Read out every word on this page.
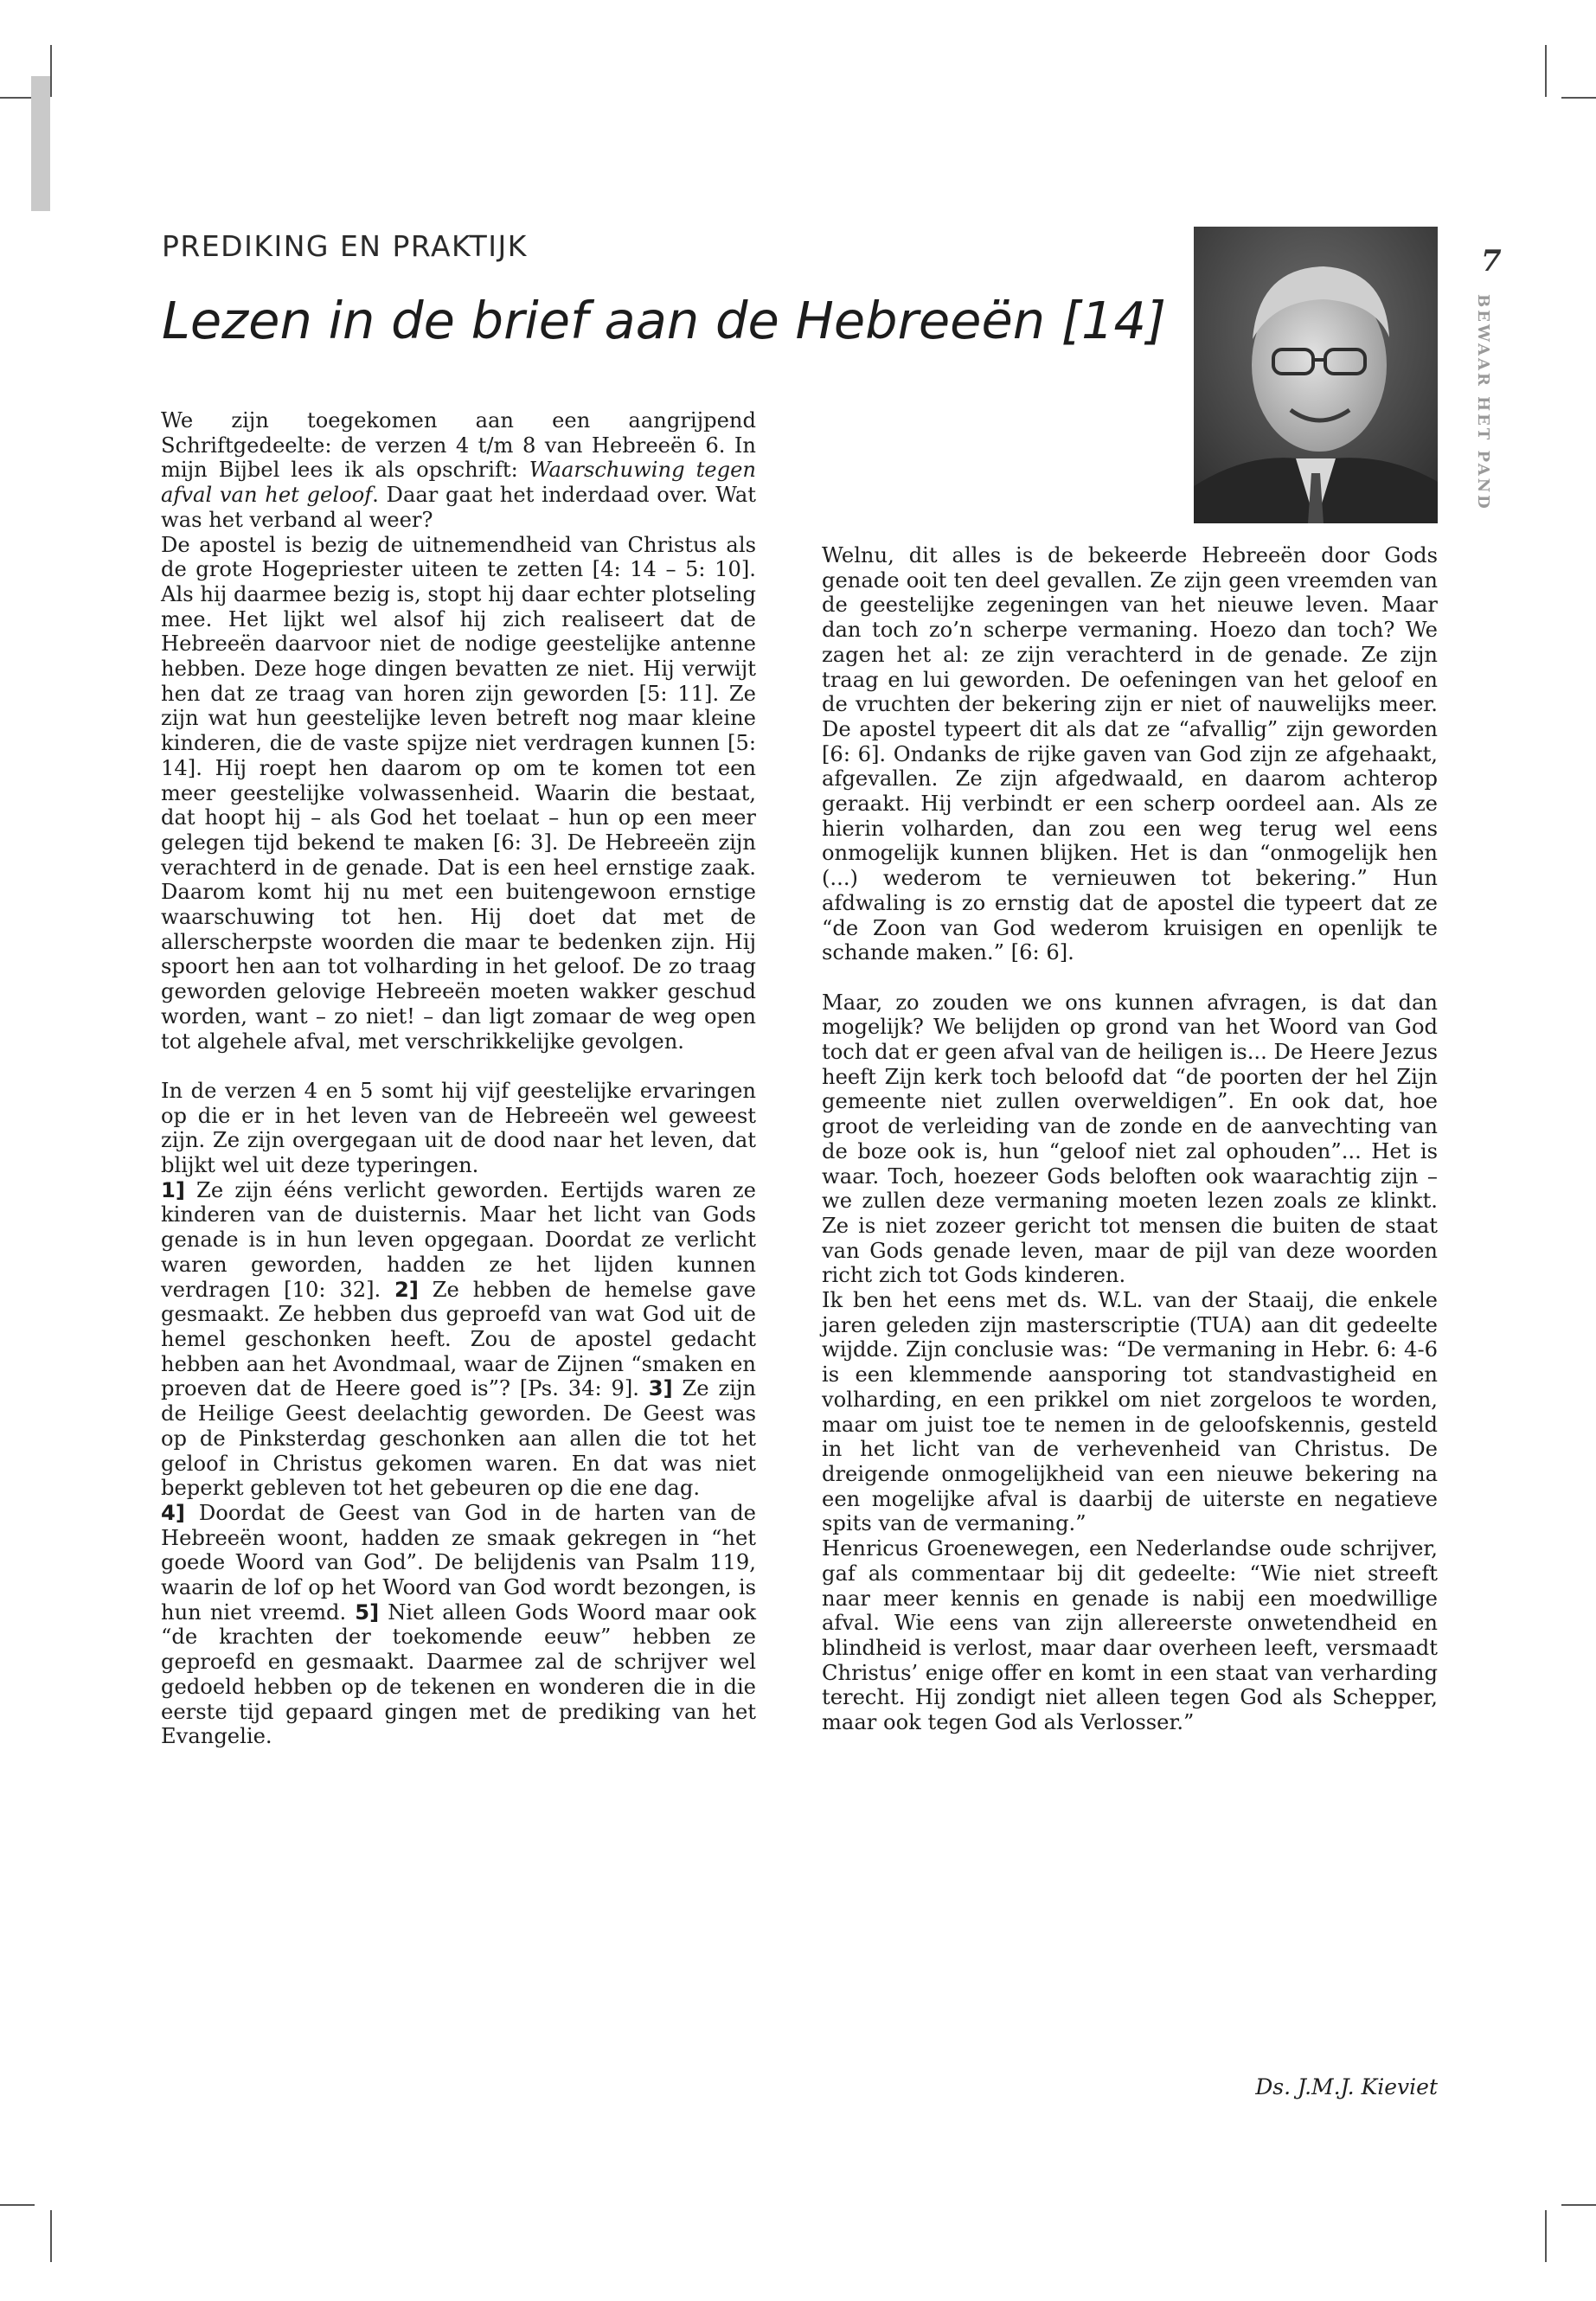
PREDIKING EN PRAKTIJK
Lezen in de brief aan de Hebreeën [14]
7
BEWAAR HET PAND

We zijn toegekomen aan een aangrijpend Schriftgedeelte: de verzen 4 t/m 8 van Hebreeën 6. In mijn Bijbel lees ik als opschrift: Waarschuwing tegen afval van het geloof. Daar gaat het inderdaad over. Wat was het verband al weer?

De apostel is bezig de uitnemendheid van Christus als de grote Hogepriester uiteen te zetten [4: 14 – 5: 10]. Als hij daarmee bezig is, stopt hij daar echter plotseling mee. Het lijkt wel alsof hij zich realiseert dat de Hebreeën daarvoor niet de nodige geestelijke antenne hebben. Deze hoge dingen bevatten ze niet. Hij verwijt hen dat ze traag van horen zijn geworden [5: 11]. Ze zijn wat hun geestelijke leven betreft nog maar kleine kinderen, die de vaste spijze niet verdragen kunnen [5: 14]. Hij roept hen daarom op om te komen tot een meer geestelijke volwassenheid. Waarin die bestaat, dat hoopt hij – als God het toelaat – hun op een meer gelegen tijd bekend te maken [6: 3]. De Hebreeën zijn verachterd in de genade. Dat is een heel ernstige zaak. Daarom komt hij nu met een buitengewoon ernstige waarschuwing tot hen. Hij doet dat met de allerscherpste woorden die maar te bedenken zijn. Hij spoort hen aan tot volharding in het geloof. De zo traag geworden gelovige Hebreeën moeten wakker geschud worden, want – zo niet! – dan ligt zomaar de weg open tot algehele afval, met verschrikkelijke gevolgen.

In de verzen 4 en 5 somt hij vijf geestelijke ervaringen op die er in het leven van de Hebreeën wel geweest zijn. Ze zijn overgegaan uit de dood naar het leven, dat blijkt wel uit deze typeringen.

1] Ze zijn ééns verlicht geworden. Eertijds waren ze kinderen van de duisternis. Maar het licht van Gods genade is in hun leven opgegaan. Doordat ze verlicht waren geworden, hadden ze het lijden kunnen verdragen [10: 32]. 2] Ze hebben de hemelse gave gesmaakt. Ze hebben dus geproefd van wat God uit de hemel geschonken heeft. Zou de apostel gedacht hebben aan het Avondmaal, waar de Zijnen “smaken en proeven dat de Heere goed is”? [Ps. 34: 9]. 3] Ze zijn de Heilige Geest deelachtig geworden. De Geest was op de Pinksterdag geschonken aan allen die tot het geloof in Christus gekomen waren. En dat was niet beperkt gebleven tot het gebeuren op die ene dag.

4] Doordat de Geest van God in de harten van de Hebreeën woont, hadden ze smaak gekregen in “het goede Woord van God”. De belijdenis van Psalm 119, waarin de lof op het Woord van God wordt bezongen, is hun niet vreemd. 5] Niet alleen Gods Woord maar ook “de krachten der toekomende eeuw” hebben ze geproefd en gesmaakt. Daarmee zal de schrijver wel gedoeld hebben op de tekenen en wonderen die in die eerste tijd gepaard gingen met de prediking van het Evangelie.

Welnu, dit alles is de bekeerde Hebreeën door Gods genade ooit ten deel gevallen. Ze zijn geen vreemden van de geestelijke zegeningen van het nieuwe leven. Maar dan toch zo’n scherpe vermaning. Hoezo dan toch? We zagen het al: ze zijn verachterd in de genade. Ze zijn traag en lui geworden. De oefeningen van het geloof en de vruchten der bekering zijn er niet of nauwelijks meer. De apostel typeert dit als dat ze “afvallig” zijn geworden [6: 6]. Ondanks de rijke gaven van God zijn ze afgehaakt, afgevallen. Ze zijn afgedwaald, en daarom achterop geraakt. Hij verbindt er een scherp oordeel aan. Als ze hierin volharden, dan zou een weg terug wel eens onmogelijk kunnen blijken. Het is dan “onmogelijk hen (...) wederom te vernieuwen tot bekering.” Hun afdwaling is zo ernstig dat de apostel die typeert dat ze “de Zoon van God wederom kruisigen en openlijk te schande maken.” [6: 6].

Maar, zo zouden we ons kunnen afvragen, is dat dan mogelijk? We belijden op grond van het Woord van God toch dat er geen afval van de heiligen is... De Heere Jezus heeft Zijn kerk toch beloofd dat “de poorten der hel Zijn gemeente niet zullen overweldigen”. En ook dat, hoe groot de verleiding van de zonde en de aanvechting van de boze ook is, hun “geloof niet zal ophouden”... Het is waar. Toch, hoezeer Gods beloften ook waarachtig zijn – we zullen deze vermaning moeten lezen zoals ze klinkt. Ze is niet zozeer gericht tot mensen die buiten de staat van Gods genade leven, maar de pijl van deze woorden richt zich tot Gods kinderen.

Ik ben het eens met ds. W.L. van der Staaij, die enkele jaren geleden zijn masterscriptie (TUA) aan dit gedeelte wijdde. Zijn conclusie was: “De vermaning in Hebr. 6: 4-6 is een klemmende aansporing tot standvastigheid en volharding, en een prikkel om niet zorgeloos te worden, maar om juist toe te nemen in de geloofskennis, gesteld in het licht van de verhevenheid van Christus. De dreigende onmogelijkheid van een nieuwe bekering na een mogelijke afval is daarbij de uiterste en negatieve spits van de vermaning.”

Henricus Groenewegen, een Nederlandse oude schrijver, gaf als commentaar bij dit gedeelte: “Wie niet streeft naar meer kennis en genade is nabij een moedwillige afval. Wie eens van zijn allereerste onwetendheid en blindheid is verlost, maar daar overheen leeft, versmaadt Christus’ enige offer en komt in een staat van verharding terecht. Hij zondigt niet alleen tegen God als Schepper, maar ook tegen God als Verlosser.”

Ds. J.M.J. Kieviet
